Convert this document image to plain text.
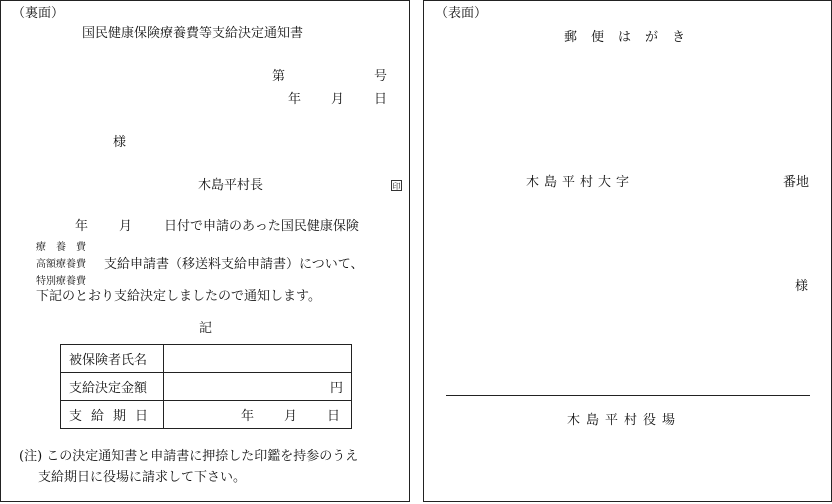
（裏面）
国民健康保険療養費等支給決定通知書
第	号
年 月 日
様
木島平村長	印
年 月 日付で申請のあった国民健康保険
療　養　費
高額療養費 支給申請書（移送料支給申請書）について、
特別療養費
下記のとおり支給決定しましたので通知します。
記
被保険者氏名	
支給決定金額	円
支給期日	年 月 日
(注) この決定通知書と申請書に押捺した印鑑を持参のうえ
支給期日に役場に請求して下さい。
（表面）
郵便はがき
木島平村大字	番地
様
木島平村役場
